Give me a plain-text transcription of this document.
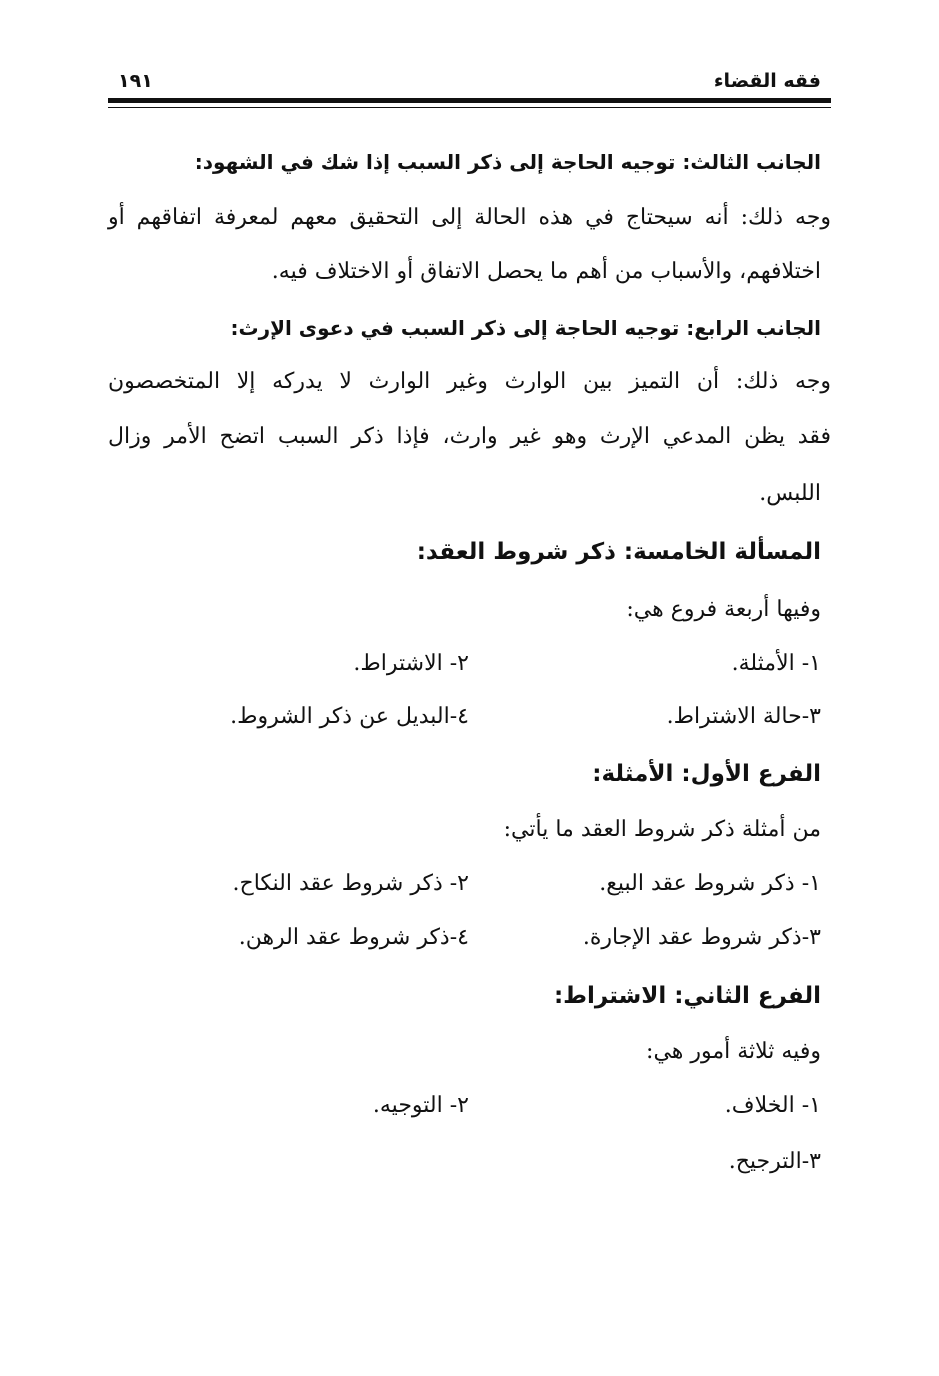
فقه القضاء
١٩١
الجانب الثالث: توجيه الحاجة إلى ذكر السبب إذا شك في الشهود:
وجه ذلك: أنه سيحتاج في هذه الحالة إلى التحقيق معهم لمعرفة اتفاقهم أو
اختلافهم، والأسباب من أهم ما يحصل الاتفاق أو الاختلاف فيه.
الجانب الرابع: توجيه الحاجة إلى ذكر السبب في دعوى الإرث:
وجه ذلك: أن التميز بين الوارث وغير الوارث لا يدركه إلا المتخصصون
فقد يظن المدعي الإرث وهو غير وارث، فإذا ذكر السبب اتضح الأمر وزال
اللبس.
المسألة الخامسة: ذكر شروط العقد:
وفيها أربعة فروع هي:
١- الأمثلة.
٢- الاشتراط.
٣-حالة الاشتراط.
٤-البديل عن ذكر الشروط.
الفرع الأول: الأمثلة:
من أمثلة ذكر شروط العقد ما يأتي:
١- ذكر شروط عقد البيع.
٢- ذكر شروط عقد النكاح.
٣-ذكر شروط عقد الإجارة.
٤-ذكر شروط عقد الرهن.
الفرع الثاني: الاشتراط:
وفيه ثلاثة أمور هي:
١- الخلاف.
٢- التوجيه.
٣-الترجيح.
